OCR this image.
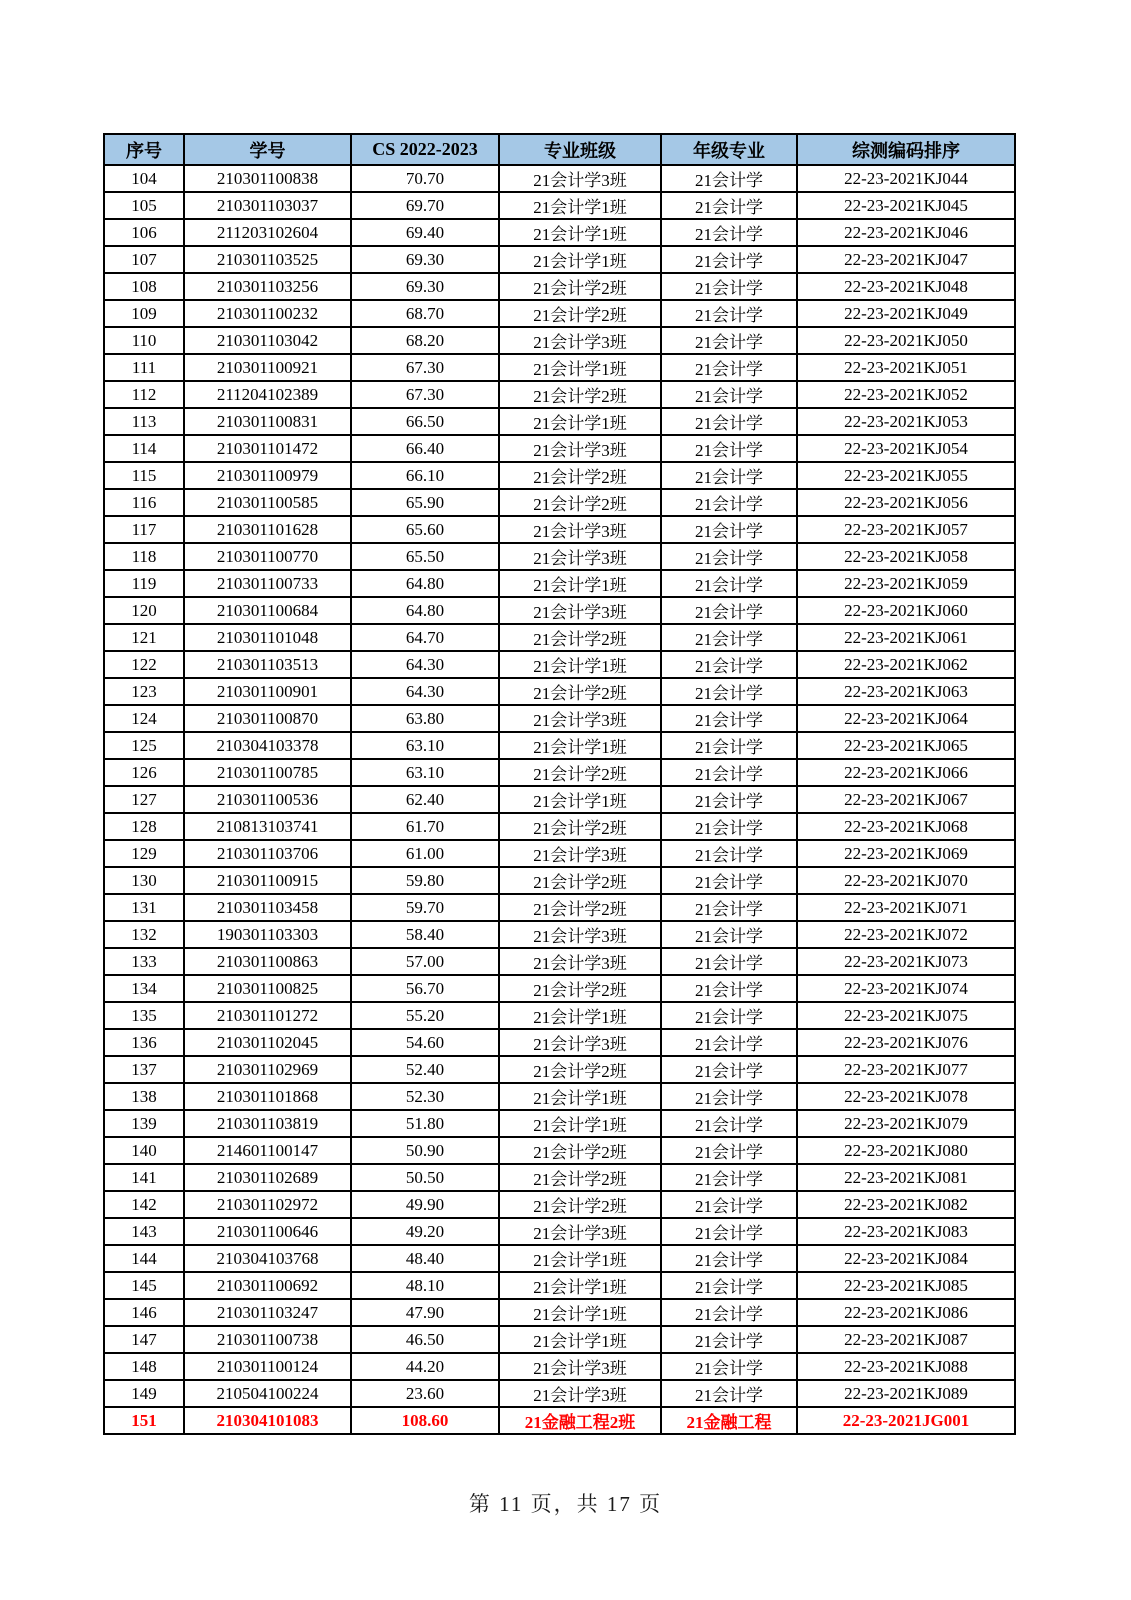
序号	学号	CS 2022-2023	专业班级	年级专业	综测编码排序
104	210301100838	70.70	21会计学3班	21会计学	22-23-2021KJ044
105	210301103037	69.70	21会计学1班	21会计学	22-23-2021KJ045
106	211203102604	69.40	21会计学1班	21会计学	22-23-2021KJ046
107	210301103525	69.30	21会计学1班	21会计学	22-23-2021KJ047
108	210301103256	69.30	21会计学2班	21会计学	22-23-2021KJ048
109	210301100232	68.70	21会计学2班	21会计学	22-23-2021KJ049
110	210301103042	68.20	21会计学3班	21会计学	22-23-2021KJ050
111	210301100921	67.30	21会计学1班	21会计学	22-23-2021KJ051
112	211204102389	67.30	21会计学2班	21会计学	22-23-2021KJ052
113	210301100831	66.50	21会计学1班	21会计学	22-23-2021KJ053
114	210301101472	66.40	21会计学3班	21会计学	22-23-2021KJ054
115	210301100979	66.10	21会计学2班	21会计学	22-23-2021KJ055
116	210301100585	65.90	21会计学2班	21会计学	22-23-2021KJ056
117	210301101628	65.60	21会计学3班	21会计学	22-23-2021KJ057
118	210301100770	65.50	21会计学3班	21会计学	22-23-2021KJ058
119	210301100733	64.80	21会计学1班	21会计学	22-23-2021KJ059
120	210301100684	64.80	21会计学3班	21会计学	22-23-2021KJ060
121	210301101048	64.70	21会计学2班	21会计学	22-23-2021KJ061
122	210301103513	64.30	21会计学1班	21会计学	22-23-2021KJ062
123	210301100901	64.30	21会计学2班	21会计学	22-23-2021KJ063
124	210301100870	63.80	21会计学3班	21会计学	22-23-2021KJ064
125	210304103378	63.10	21会计学1班	21会计学	22-23-2021KJ065
126	210301100785	63.10	21会计学2班	21会计学	22-23-2021KJ066
127	210301100536	62.40	21会计学1班	21会计学	22-23-2021KJ067
128	210813103741	61.70	21会计学2班	21会计学	22-23-2021KJ068
129	210301103706	61.00	21会计学3班	21会计学	22-23-2021KJ069
130	210301100915	59.80	21会计学2班	21会计学	22-23-2021KJ070
131	210301103458	59.70	21会计学2班	21会计学	22-23-2021KJ071
132	190301103303	58.40	21会计学3班	21会计学	22-23-2021KJ072
133	210301100863	57.00	21会计学3班	21会计学	22-23-2021KJ073
134	210301100825	56.70	21会计学2班	21会计学	22-23-2021KJ074
135	210301101272	55.20	21会计学1班	21会计学	22-23-2021KJ075
136	210301102045	54.60	21会计学3班	21会计学	22-23-2021KJ076
137	210301102969	52.40	21会计学2班	21会计学	22-23-2021KJ077
138	210301101868	52.30	21会计学1班	21会计学	22-23-2021KJ078
139	210301103819	51.80	21会计学1班	21会计学	22-23-2021KJ079
140	214601100147	50.90	21会计学2班	21会计学	22-23-2021KJ080
141	210301102689	50.50	21会计学2班	21会计学	22-23-2021KJ081
142	210301102972	49.90	21会计学2班	21会计学	22-23-2021KJ082
143	210301100646	49.20	21会计学3班	21会计学	22-23-2021KJ083
144	210304103768	48.40	21会计学1班	21会计学	22-23-2021KJ084
145	210301100692	48.10	21会计学1班	21会计学	22-23-2021KJ085
146	210301103247	47.90	21会计学1班	21会计学	22-23-2021KJ086
147	210301100738	46.50	21会计学1班	21会计学	22-23-2021KJ087
148	210301100124	44.20	21会计学3班	21会计学	22-23-2021KJ088
149	210504100224	23.60	21会计学3班	21会计学	22-23-2021KJ089
151	210304101083	108.60	21金融工程2班	21金融工程	22-23-2021JG001
第 11 页，共 17 页
